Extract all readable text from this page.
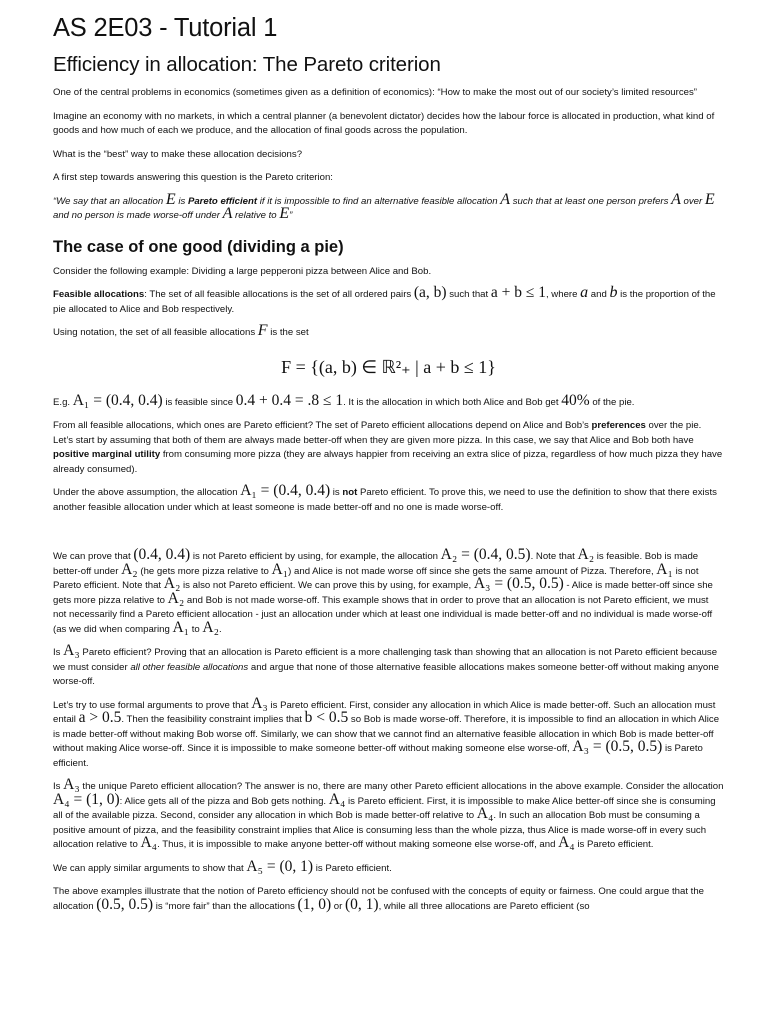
AS 2E03 - Tutorial 1
Efficiency in allocation: The Pareto criterion

One of the central problems in economics (sometimes given as a definition of economics): “How to make the most out of our society’s limited resources”

Imagine an economy with no markets, in which a central planner (a benevolent dictator) decides how the labour force is allocated in production, what kind of goods and how much of each we produce, and the allocation of final goods across the population.

What is the “best” way to make these allocation decisions?

A first step towards answering this question is the Pareto criterion:

“We say that an allocation E is Pareto efficient if it is impossible to find an alternative feasible allocation A such that at least one person prefers A over E and no person is made worse-off under A relative to E”

The case of one good (dividing a pie)

Consider the following example: Dividing a large pepperoni pizza between Alice and Bob.

Feasible allocations: The set of all feasible allocations is the set of all ordered pairs (a, b) such that a + b ≤ 1, where a and b is the proportion of the pie allocated to Alice and Bob respectively.

Using notation, the set of all feasible allocations F is the set

F = {(a, b) ∈ ℝ²₊ | a + b ≤ 1}

E.g. A₁ = (0.4, 0.4) is feasible since 0.4 + 0.4 = .8 ≤ 1. It is the allocation in which both Alice and Bob get 40% of the pie.

From all feasible allocations, which ones are Pareto efficient? The set of Pareto efficient allocations depend on Alice and Bob’s preferences over the pie. Let’s start by assuming that both of them are always made better-off when they are given more pizza. In this case, we say that Alice and Bob both have positive marginal utility from consuming more pizza (they are always happier from receiving an extra slice of pizza, regardless of how much pizza they have already consumed).

Under the above assumption, the allocation A₁ = (0.4, 0.4) is not Pareto efficient. To prove this, we need to use the definition to show that there exists another feasible allocation under which at least someone is made better-off and no one is made worse-off.

We can prove that (0.4, 0.4) is not Pareto efficient by using, for example, the allocation A₂ = (0.4, 0.5). Note that A₂ is feasible. Bob is made better-off under A₂ (he gets more pizza relative to A₁) and Alice is not made worse off since she gets the same amount of Pizza. Therefore, A₁ is not Pareto efficient. Note that A₂ is also not Pareto efficient. We can prove this by using, for example, A₃ = (0.5, 0.5) - Alice is made better-off since she gets more pizza relative to A₂ and Bob is not made worse-off. This example shows that in order to prove that an allocation is not Pareto efficient, we must not necessarily find a Pareto efficient allocation - just an allocation under which at least one individual is made better-off and no individual is made worse-off (as we did when comparing A₁ to A₂.

Is A₃ Pareto efficient? Proving that an allocation is Pareto efficient is a more challenging task than showing that an allocation is not Pareto efficient because we must consider all other feasible allocations and argue that none of those alternative feasible allocations makes someone better-off without making anyone worse-off.

Let’s try to use formal arguments to prove that A₃ is Pareto efficient. First, consider any allocation in which Alice is made better-off. Such an allocation must entail a > 0.5. Then the feasibility constraint implies that b < 0.5 so Bob is made worse-off. Therefore, it is impossible to find an allocation in which Alice is made better-off without making Bob worse off. Similarly, we can show that we cannot find an alternative feasible allocation in which Bob is made better-off without making Alice worse-off. Since it is impossible to make someone better-off without making someone else worse-off, A₃ = (0.5, 0.5) is Pareto efficient.

Is A₃ the unique Pareto efficient allocation? The answer is no, there are many other Pareto efficient allocations in the above example. Consider the allocation A₄ = (1, 0): Alice gets all of the pizza and Bob gets nothing. A₄ is Pareto efficient. First, it is impossible to make Alice better-off since she is consuming all of the available pizza. Second, consider any allocation in which Bob is made better-off relative to A₄. In such an allocation Bob must be consuming a positive amount of pizza, and the feasibility constraint implies that Alice is consuming less than the whole pizza, thus Alice is made worse-off in every such allocation relative to A₄. Thus, it is impossible to make anyone better-off without making someone else worse-off, and A₄ is Pareto efficient.

We can apply similar arguments to show that A₅ = (0, 1) is Pareto efficient.

The above examples illustrate that the notion of Pareto efficiency should not be confused with the concepts of equity or fairness. One could argue that the allocation (0.5, 0.5) is “more fair” than the allocations (1, 0) or (0, 1), while all three allocations are Pareto efficient (so
